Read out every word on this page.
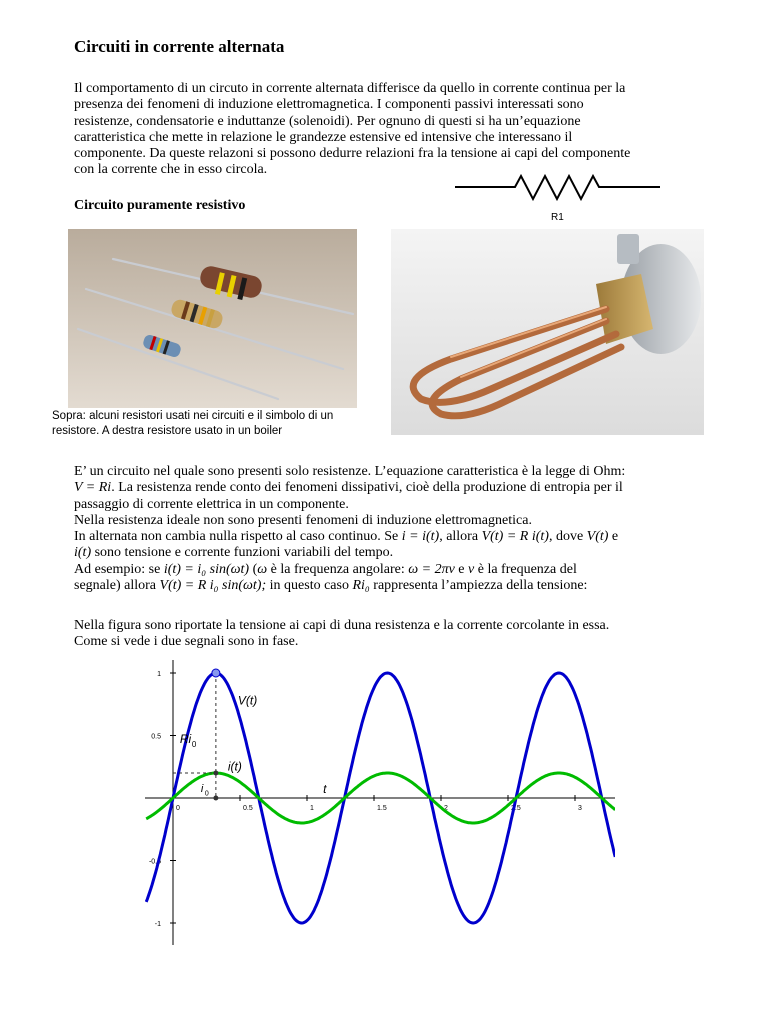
Circuiti in corrente alternata
Il comportamento di un circuto in corrente alternata differisce da quello in corrente continua per la
presenza dei fenomeni di induzione elettromagnetica. I componenti passivi interessati sono
resistenze, condensatorie e induttanze (solenoidi). Per ognuno di questi si ha un’equazione
caratteristica che mette in relazione le grandezze estensive ed intensive che interessano il
componente. Da queste relazoni si possono dedurre relazioni fra la tensione ai capi del componente
con la corrente che in esso circola.
R1
Circuito puramente resistivo
Sopra: alcuni resistori usati nei circuiti e il simbolo di un resistore. A destra resistore usato in un boiler
E’ un circuito nel quale sono presenti solo resistenze. L’equazione caratteristica è la legge di Ohm:
V = Ri. La resistenza rende conto dei fenomeni dissipativi, cioè della produzione di entropia per il
passaggio di corrente elettrica in un componente.
Nella resistenza ideale non sono presenti fenomeni di induzione elettromagnetica.
In alternata non cambia nulla rispetto al caso continuo. Se i = i(t), allora V(t) = R i(t), dove V(t) e
i(t) sono tensione e corrente funzioni variabili del tempo.
Ad esempio: se i(t) = i₀ sin(ωt) (ω è la frequenza angolare: ω = 2πν e ν è la frequenza del
segnale) allora V(t) = R i₀ sin(ωt); in questo caso Ri₀ rappresenta l’ampiezza della tensione:
Nella figura sono riportate la tensione ai capi di duna resistenza e la corrente corcolante in essa.
Come si vede i due segnali sono in fase.
0	0.5	1	1.5	2	2.5	3
1
0.5
-0.5
-1
V(t)
i(t)
Ri 0
i 0	t
